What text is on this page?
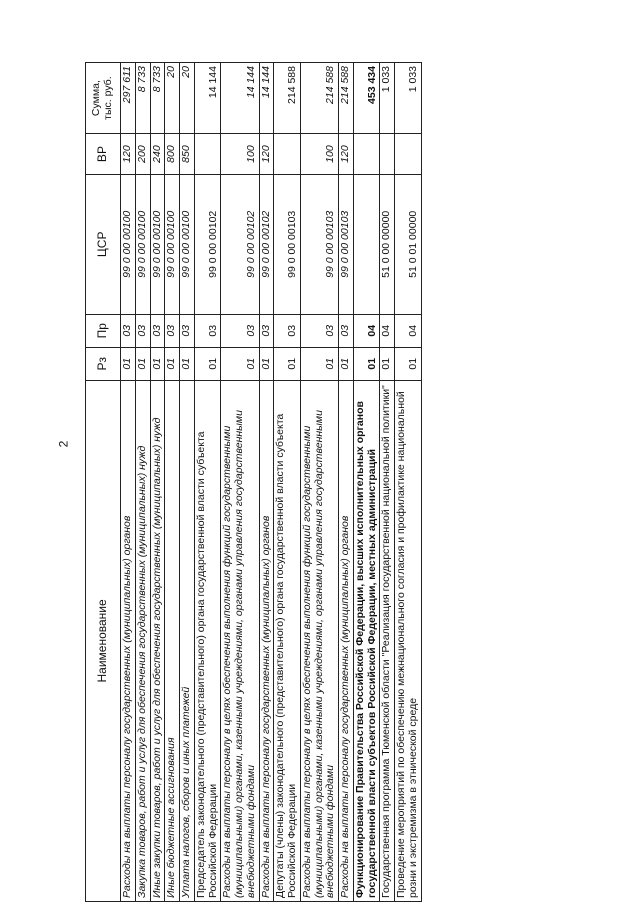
2
Наименование	Рз	Пр	ЦСР	ВР	Сумма,
тыс. руб.
Расходы на выплаты персоналу государственных (муниципальных) органов	01	03	99 0 00 00100	120	297 611
Закупка товаров, работ и услуг для обеспечения государственных (муниципальных) нужд	01	03	99 0 00 00100	200	8 733
Иные закупки товаров, работ и услуг для обеспечения государственных (муниципальных) нужд	01	03	99 0 00 00100	240	8 733
Иные бюджетные ассигнования	01	03	99 0 00 00100	800	20
Уплата налогов, сборов и иных платежей	01	03	99 0 00 00100	850	20
Председатель законодательного (представительного) органа государственной власти субъекта Российской Федерации	01	03	99 0 00 00102		14 144
Расходы на выплаты персоналу в целях обеспечения выполнения функций государственными (муниципальными) органами, казенными учреждениями, органами управления государственными внебюджетными фондами	01	03	99 0 00 00102	100	14 144
Расходы на выплаты персоналу государственных (муниципальных) органов	01	03	99 0 00 00102	120	14 144
Депутаты (члены) законодательного (представительного) органа государственной власти субъекта Российской Федерации	01	03	99 0 00 00103		214 588
Расходы на выплаты персоналу в целях обеспечения выполнения функций государственными (муниципальными) органами, казенными учреждениями, органами управления государственными внебюджетными фондами	01	03	99 0 00 00103	100	214 588
Расходы на выплаты персоналу государственных (муниципальных) органов	01	03	99 0 00 00103	120	214 588
Функционирование Правительства Российской Федерации, высших исполнительных органов государственной власти субъектов Российской Федерации, местных администраций	01	04			453 434
Государственная программа Тюменской области "Реализация государственной национальной политики"	01	04	51 0 00 00000		1 033
Проведение мероприятий по обеспечению межнационального согласия и профилактике национальной розни и экстремизма в этнической среде	01	04	51 0 01 00000		1 033
